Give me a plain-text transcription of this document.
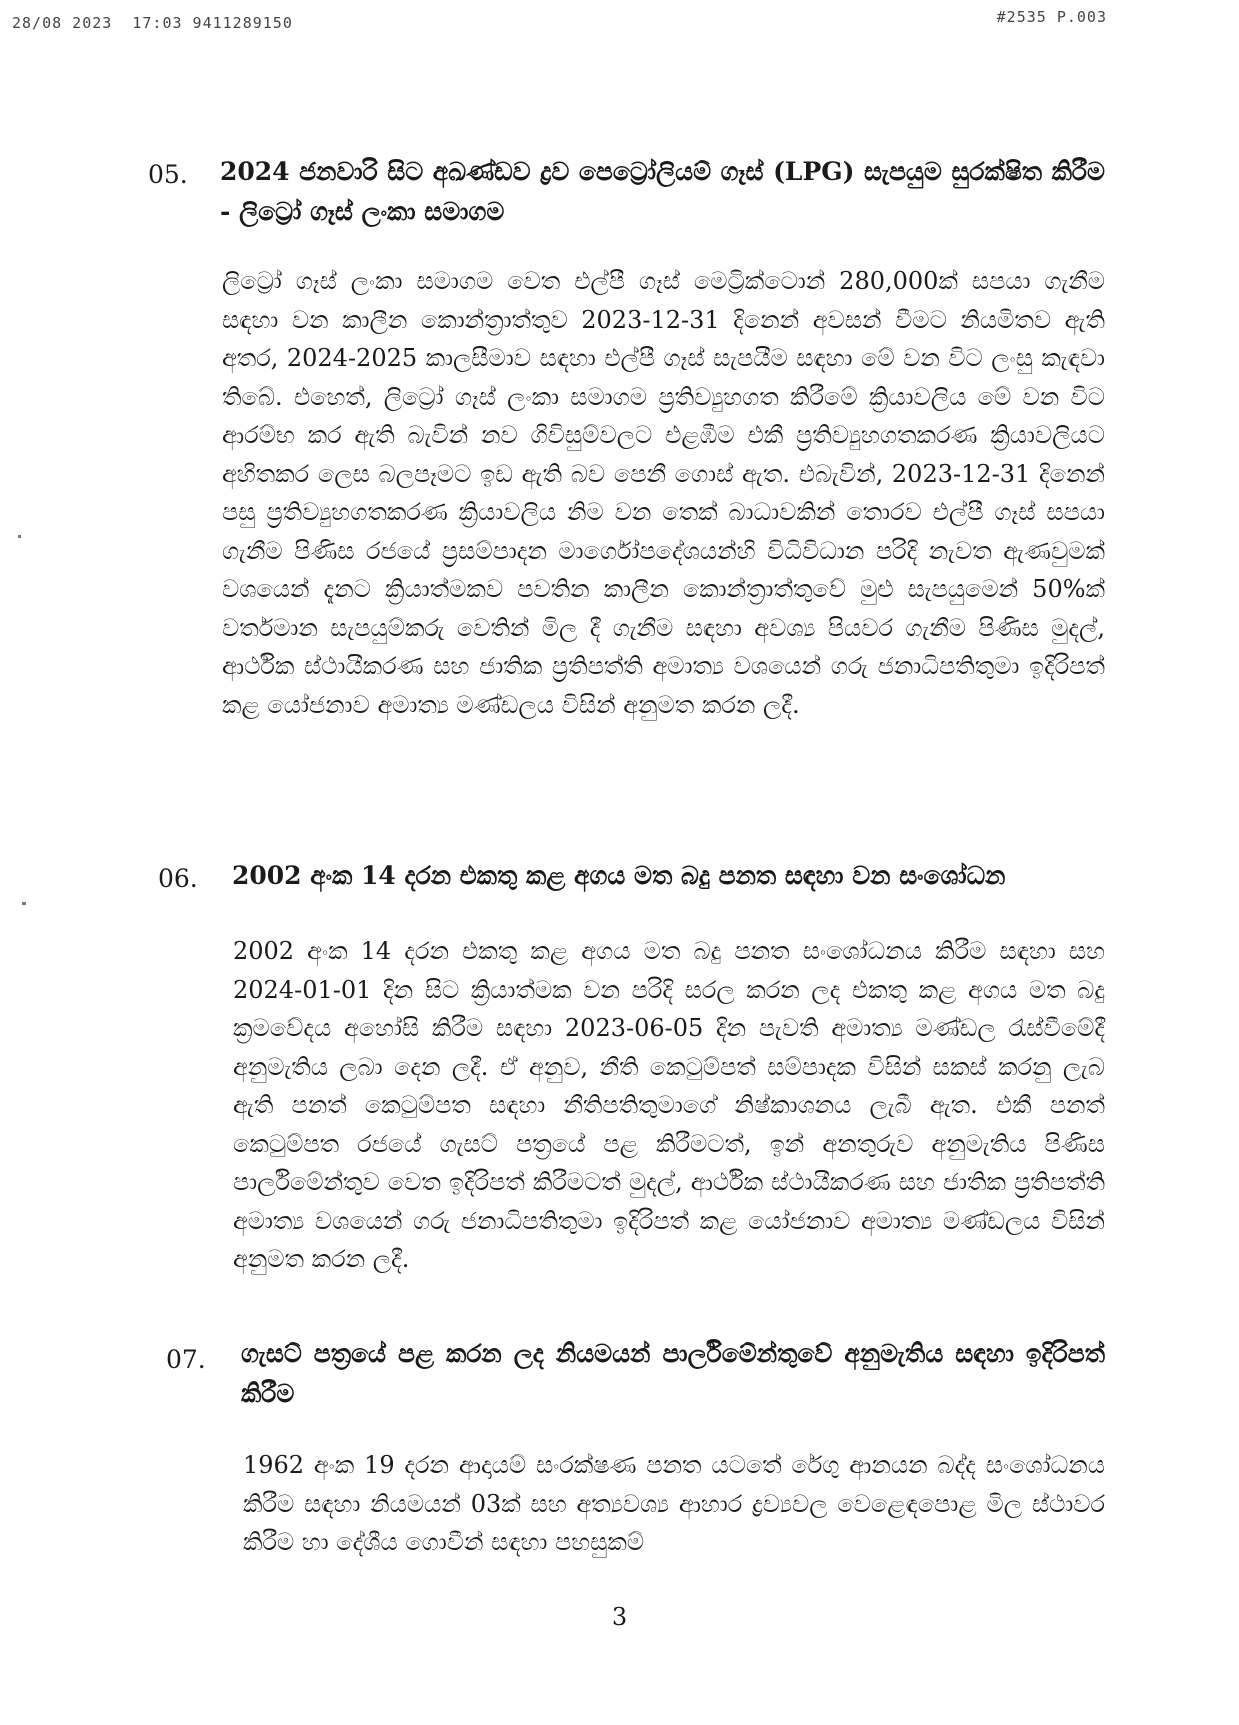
28/08 2023  17:03 9411289150	#2535 P.003
05. 2024 ජනවාරි සිට අඛණ්ඩව ද්‍රව පෙට්‍රෝලියම් ගෑස් (LPG) සැපයුම සුරක්ෂිත කිරීම - ලිට්‍රෝ ගෑස් ලංකා සමාගම
ලිට්‍රෝ ගෑස් ලංකා සමාගම වෙත එල්පී ගෑස් මෙට්‍රික්ටොන් 280,000ක් සපයා ගැනීම සඳහා වන කාලීන කොන්ත්‍රාත්තුව 2023-12-31 දිනෙන් අවසන් වීමට නියමිතව ඇති අතර, 2024-2025 කාලසීමාව සඳහා එල්පී ගෑස් සැපයීම සඳහා මේ වන විට ලංසු කැඳවා තිබේ. එහෙත්, ලිට්‍රෝ ගෑස් ලංකා සමාගම ප්‍රතිව්‍යුහගත කිරීමේ ක්‍රියාවලිය මේ වන විට ආරම්භ කර ඇති බැවින් නව ගිවිසුම්වලට එළඹීම එකී ප්‍රතිව්‍යුහගතකරණ ක්‍රියාවලියට අහිතකර ලෙස බලපෑමට ඉඩ ඇති බව පෙනී ගොස් ඇත. එබැවින්, 2023-12-31 දිනෙන් පසු ප්‍රතිව්‍යුහගතකරණ ක්‍රියාවලිය නිම වන තෙක් බාධාවකින් තොරව එල්පී ගෑස් සපයා ගැනීම පිණිස රජයේ ප්‍රසම්පාදන මාර්ගෝපදේශයන්හි විධිවිධාන පරිදි නැවත ඇණවුමක් වශයෙන් දැනට ක්‍රියාත්මකව පවතින කාලීන කොන්ත්‍රාත්තුවේ මුළු සැපයුමෙන් 50%ක් වර්තමාන සැපයුම්කරු වෙතින් මිල දී ගැනීම සඳහා අවශ්‍ය පියවර ගැනීම පිණිස මුදල්, ආර්ථික ස්ථායීකරණ සහ ජාතික ප්‍රතිපත්ති අමාත්‍ය වශයෙන් ගරු ජනාධිපතිතුමා ඉදිරිපත් කළ යෝජනාව අමාත්‍ය මණ්ඩලය විසින් අනුමත කරන ලදී.
06. 2002 අංක 14 දරන එකතු කළ අගය මත බදු පනත සඳහා වන සංශෝධන
2002 අංක 14 දරන එකතු කළ අගය මත බදු පනත සංශෝධනය කිරීම සඳහා සහ 2024-01-01 දින සිට ක්‍රියාත්මක වන පරිදි සරල කරන ලද එකතු කළ අගය මත බදු ක්‍රමවේදය අහෝසි කිරීම සඳහා 2023-06-05 දින පැවති අමාත්‍ය මණ්ඩල රැස්වීමේදී අනුමැතිය ලබා දෙන ලදී. ඒ අනුව, නීති කෙටුම්පත් සම්පාදක විසින් සකස් කරනු ලැබ ඇති පනත් කෙටුම්පත සඳහා නීතිපතිතුමාගේ නිෂ්කාශනය ලැබී ඇත. එකී පනත් කෙටුම්පත රජයේ ගැසට් පත්‍රයේ පළ කිරීමටත්, ඉන් අනතුරුව අනුමැතිය පිණිස පාර්ලිමේන්තුව වෙත ඉදිරිපත් කිරීමටත් මුදල්, ආර්ථික ස්ථායීකරණ සහ ජාතික ප්‍රතිපත්ති අමාත්‍ය වශයෙන් ගරු ජනාධිපතිතුමා ඉදිරිපත් කළ යෝජනාව අමාත්‍ය මණ්ඩලය විසින් අනුමත කරන ලදී.
07. ගැසට් පත්‍රයේ පළ කරන ලද නියමයන් පාර්ලිමේන්තුවේ අනුමැතිය සඳහා ඉදිරිපත් කිරීම
1962 අංක 19 දරන ආදායම් සංරක්ෂණ පනත යටතේ රේගු ආනයන බද්ද සංශෝධනය කිරීම සඳහා නියමයන් 03ක් සහ අත්‍යවශ්‍ය ආහාර ද්‍රව්‍යවල වෙළෙඳපොළ මිල ස්ථාවර කිරීම හා දේශීය ගොවීන් සඳහා පහසුකම්
3
